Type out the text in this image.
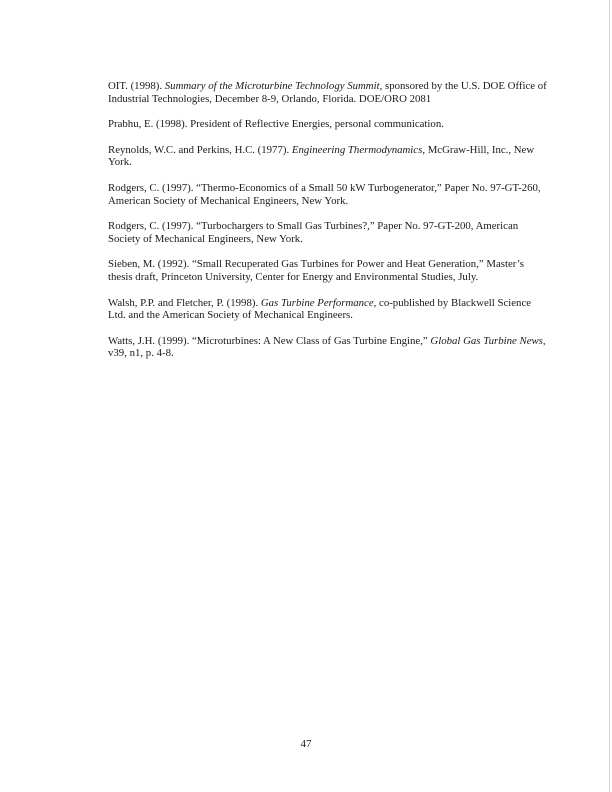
OIT. (1998). Summary of the Microturbine Technology Summit, sponsored by the U.S. DOE Office of Industrial Technologies, December 8-9, Orlando, Florida. DOE/ORO 2081

Prabhu, E. (1998). President of Reflective Energies, personal communication.

Reynolds, W.C. and Perkins, H.C. (1977). Engineering Thermodynamics, McGraw-Hill, Inc., New York.

Rodgers, C. (1997). “Thermo-Economics of a Small 50 kW Turbogenerator,” Paper No. 97-GT-260, American Society of Mechanical Engineers, New York.

Rodgers, C. (1997). “Turbochargers to Small Gas Turbines?,” Paper No. 97-GT-200, American Society of Mechanical Engineers, New York.

Sieben, M. (1992). “Small Recuperated Gas Turbines for Power and Heat Generation,” Master’s thesis draft, Princeton University, Center for Energy and Environmental Studies, July.

Walsh, P.P. and Fletcher, P. (1998). Gas Turbine Performance, co-published by Blackwell Science Ltd. and the American Society of Mechanical Engineers.

Watts, J.H. (1999). “Microturbines: A New Class of Gas Turbine Engine,” Global Gas Turbine News, v39, n1, p. 4-8.

47
